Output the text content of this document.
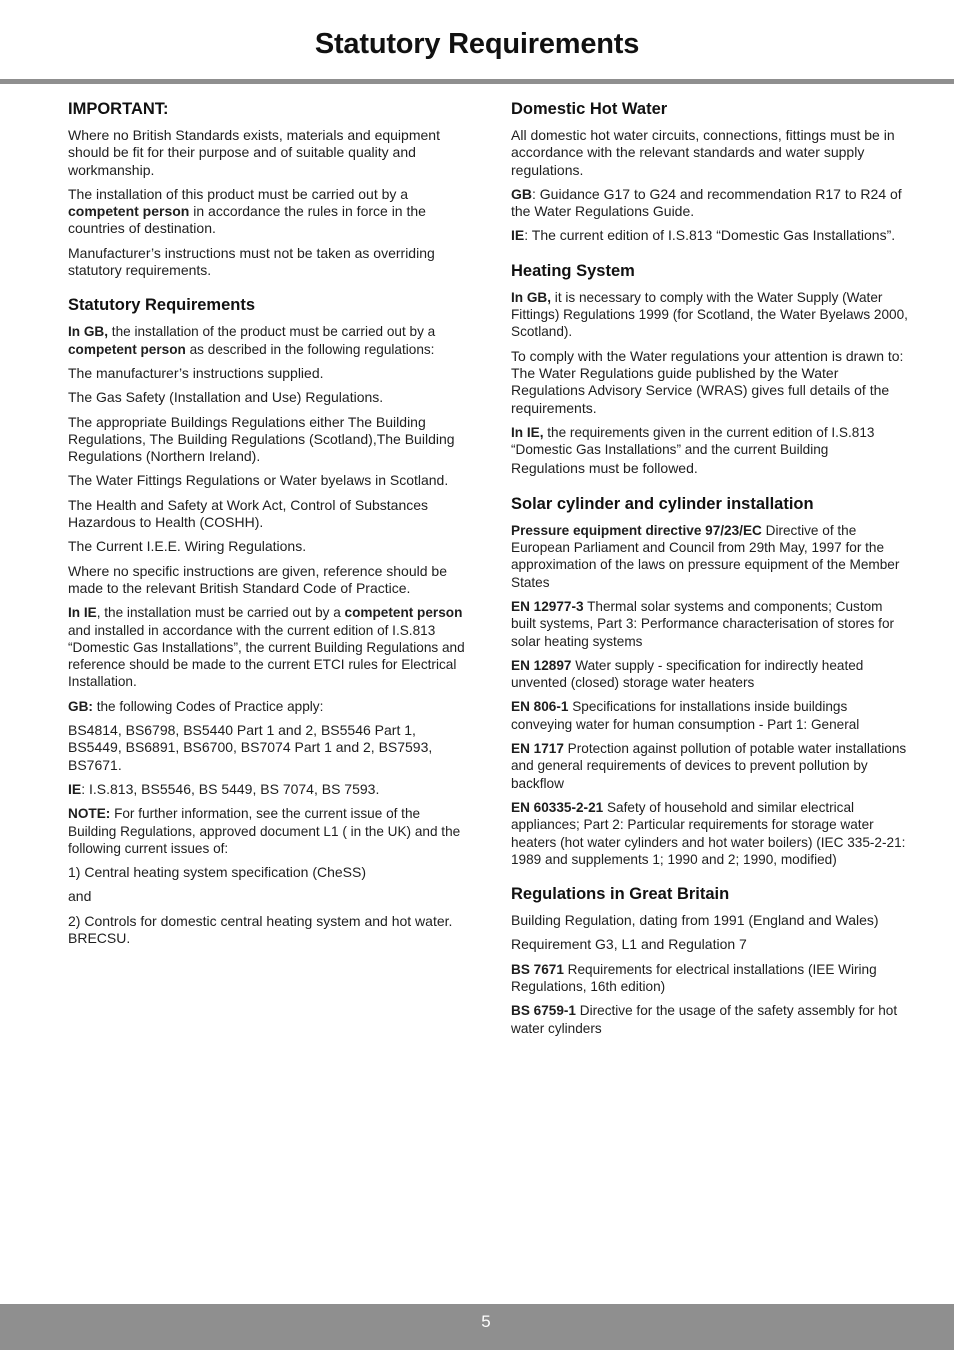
Statutory Requirements
IMPORTANT:

Where no British Standards exists, materials and equipment should be fit for their purpose and of suitable quality and workmanship.

The installation of this product must be carried out by a competent person in accordance the rules in force in the countries of destination.

Manufacturer’s instructions must not be taken as overriding statutory requirements.

Statutory Requirements

In GB, the installation of the product must be carried out by a competent person as described in the following regulations:

The manufacturer’s instructions supplied.

The Gas Safety (Installation and Use) Regulations.

The appropriate Buildings Regulations either The Building Regulations, The Building Regulations (Scotland),The Building Regulations (Northern Ireland).

The Water Fittings Regulations or Water byelaws in Scotland.

The Health and Safety at Work Act, Control of Substances Hazardous to Health (COSHH).

The Current I.E.E. Wiring Regulations.

Where no specific instructions are given, reference should be made to the relevant British Standard Code of Practice.

In IE, the installation must be carried out by a competent person and installed in accordance with the current edition of I.S.813 “Domestic Gas Installations”, the current Building Regulations and reference should be made to the current ETCI rules for Electrical Installation.

GB: the following Codes of Practice apply:

BS4814, BS6798, BS5440 Part 1 and 2, BS5546 Part 1, BS5449, BS6891, BS6700, BS7074 Part 1 and 2, BS7593, BS7671.

IE: I.S.813, BS5546, BS 5449, BS 7074, BS 7593.

NOTE: For further information, see the current issue of the Building Regulations, approved document L1 ( in the UK) and the following current issues of:

1) Central heating system specification (CheSS)

and

2) Controls for domestic central heating system and hot water. BRECSU.

Domestic Hot Water

All domestic hot water circuits, connections, fittings must be in accordance with the relevant standards and water supply regulations.

GB: Guidance G17 to G24 and recommendation R17 to R24 of the Water Regulations Guide.

IE: The current edition of I.S.813 “Domestic Gas Installations”.

Heating System

In GB, it is necessary to comply with the Water Supply (Water Fittings) Regulations 1999 (for Scotland, the Water Byelaws 2000, Scotland).

To comply with the Water regulations your attention is drawn to: The Water Regulations guide published by the Water Regulations Advisory Service (WRAS) gives full details of the requirements.

In IE, the requirements given in the current edition of I.S.813 “Domestic Gas Installations” and the current Building

Regulations must be followed.

Solar cylinder and cylinder installation

Pressure equipment directive 97/23/EC Directive of the European Parliament and Council from 29th May, 1997 for the approximation of the laws on pressure equipment of the Member States

EN 12977-3 Thermal solar systems and components; Custom built systems, Part 3: Performance characterisation of stores for solar heating systems

EN 12897 Water supply - specification for indirectly heated unvented (closed) storage water heaters

EN 806-1 Specifications for installations inside buildings conveying water for human consumption - Part 1: General

EN 1717 Protection against pollution of potable water installations and general requirements of devices to prevent pollution by backflow

EN 60335-2-21 Safety of household and similar electrical appliances; Part 2: Particular requirements for storage water heaters (hot water cylinders and hot water boilers) (IEC 335-2-21: 1989 and supplements 1; 1990 and 2; 1990, modified)

Regulations in Great Britain

Building Regulation, dating from 1991 (England and Wales)

Requirement G3, L1 and Regulation 7

BS 7671 Requirements for electrical installations (IEE Wiring Regulations, 16th edition)

BS 6759-1 Directive for the usage of the safety assembly for hot water cylinders

5
